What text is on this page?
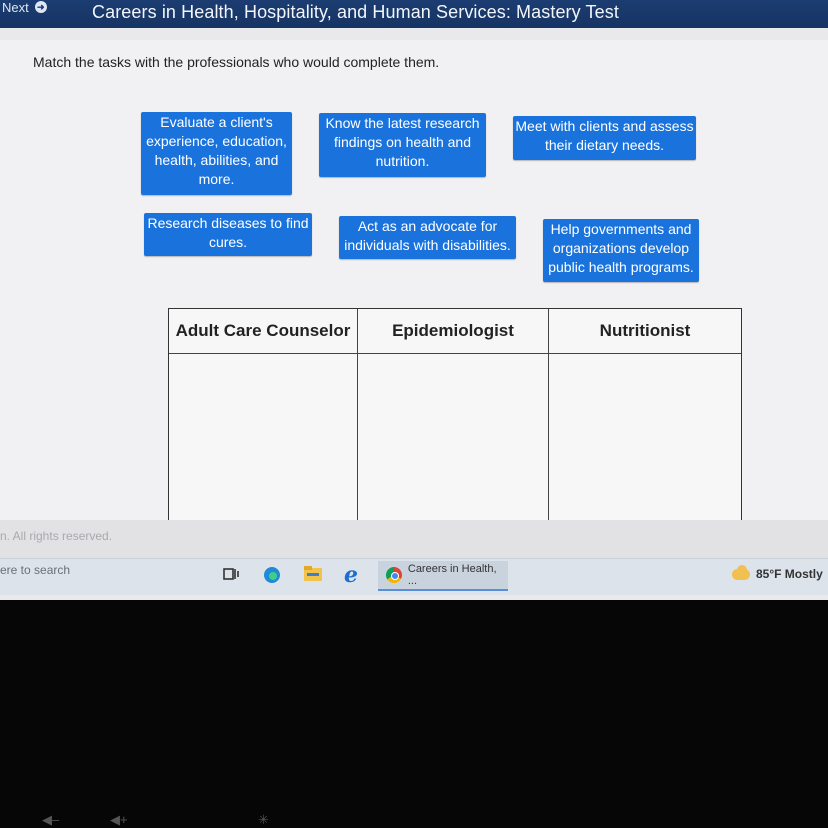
Next ➜	Careers in Health, Hospitality, and Human Services: Mastery Test
Match the tasks with the professionals who would complete them.
Evaluate a client's experience, education, health, abilities, and more.
Know the latest research findings on health and nutrition.
Meet with clients and assess their dietary needs.
Research diseases to find cures.
Act as an advocate for individuals with disabilities.
Help governments and organizations develop public health programs.
Adult Care Counselor	Epidemiologist	Nutritionist
n. All rights reserved.
ere to search	e	Careers in Health, ...	85°F Mostly
◀–	◀+	✳
